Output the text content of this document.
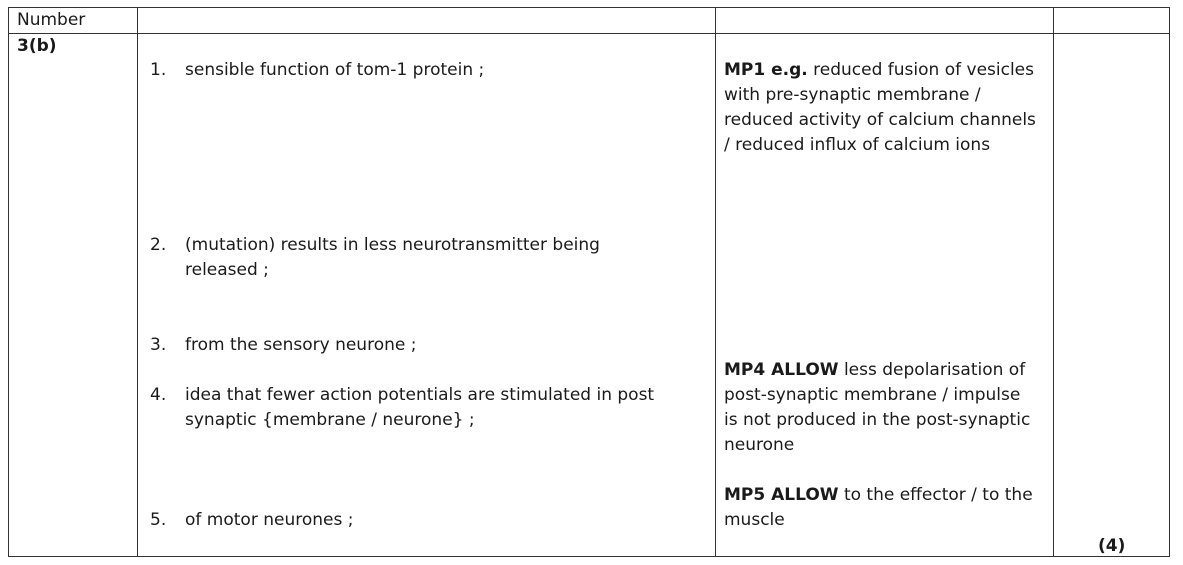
Number
3(b)
1. sensible function of tom-1 protein ;
2. (mutation) results in less neurotransmitter being
released ;
3. from the sensory neurone ;
4. idea that fewer action potentials are stimulated in post
synaptic {membrane / neurone} ;
5. of motor neurones ;
MP1 e.g. reduced fusion of vesicles
with pre-synaptic membrane /
reduced activity of calcium channels
/ reduced influx of calcium ions
MP4 ALLOW less depolarisation of
post-synaptic membrane / impulse
is not produced in the post-synaptic
neurone
MP5 ALLOW to the effector / to the
muscle
(4)
